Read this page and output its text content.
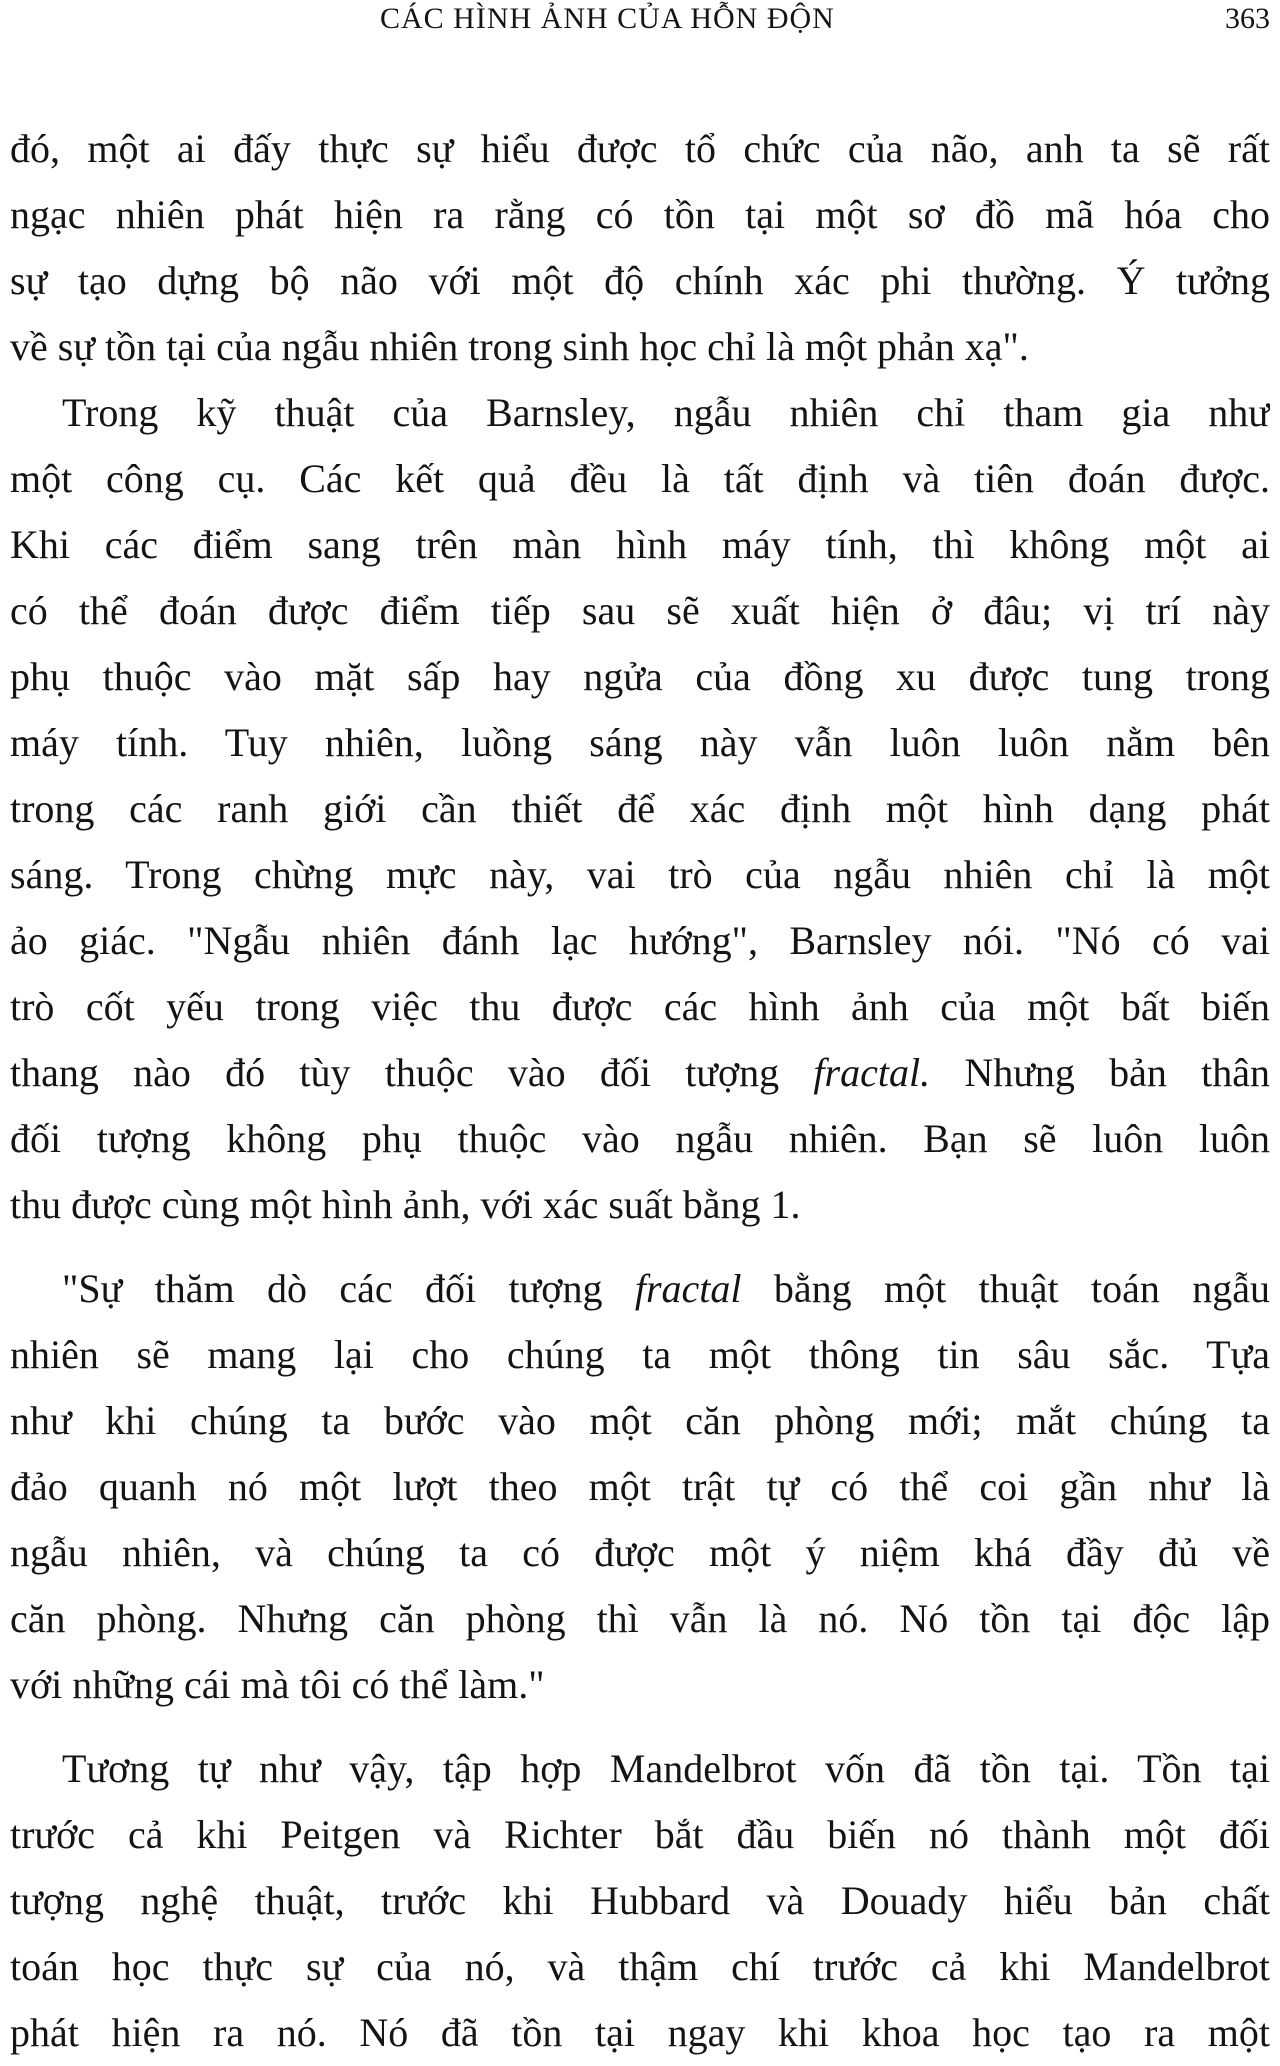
CÁC HÌNH ẢNH CỦA HỖN ĐỘN	363
đó, một ai đấy thực sự hiểu được tổ chức của não, anh ta sẽ rất
ngạc nhiên phát hiện ra rằng có tồn tại một sơ đồ mã hóa cho
sự tạo dựng bộ não với một độ chính xác phi thường. Ý tưởng
về sự tồn tại của ngẫu nhiên trong sinh học chỉ là một phản xạ".
Trong kỹ thuật của Barnsley, ngẫu nhiên chỉ tham gia như
một công cụ. Các kết quả đều là tất định và tiên đoán được.
Khi các điểm sang trên màn hình máy tính, thì không một ai
có thể đoán được điểm tiếp sau sẽ xuất hiện ở đâu; vị trí này
phụ thuộc vào mặt sấp hay ngửa của đồng xu được tung trong
máy tính. Tuy nhiên, luồng sáng này vẫn luôn luôn nằm bên
trong các ranh giới cần thiết để xác định một hình dạng phát
sáng. Trong chừng mực này, vai trò của ngẫu nhiên chỉ là một
ảo giác. "Ngẫu nhiên đánh lạc hướng", Barnsley nói. "Nó có vai
trò cốt yếu trong việc thu được các hình ảnh của một bất biến
thang nào đó tùy thuộc vào đối tượng fractal. Nhưng bản thân
đối tượng không phụ thuộc vào ngẫu nhiên. Bạn sẽ luôn luôn
thu được cùng một hình ảnh, với xác suất bằng 1.
"Sự thăm dò các đối tượng fractal bằng một thuật toán ngẫu
nhiên sẽ mang lại cho chúng ta một thông tin sâu sắc. Tựa
như khi chúng ta bước vào một căn phòng mới; mắt chúng ta
đảo quanh nó một lượt theo một trật tự có thể coi gần như là
ngẫu nhiên, và chúng ta có được một ý niệm khá đầy đủ về
căn phòng. Nhưng căn phòng thì vẫn là nó. Nó tồn tại độc lập
với những cái mà tôi có thể làm."
Tương tự như vậy, tập hợp Mandelbrot vốn đã tồn tại. Tồn tại
trước cả khi Peitgen và Richter bắt đầu biến nó thành một đối
tượng nghệ thuật, trước khi Hubbard và Douady hiểu bản chất
toán học thực sự của nó, và thậm chí trước cả khi Mandelbrot
phát hiện ra nó. Nó đã tồn tại ngay khi khoa học tạo ra một
